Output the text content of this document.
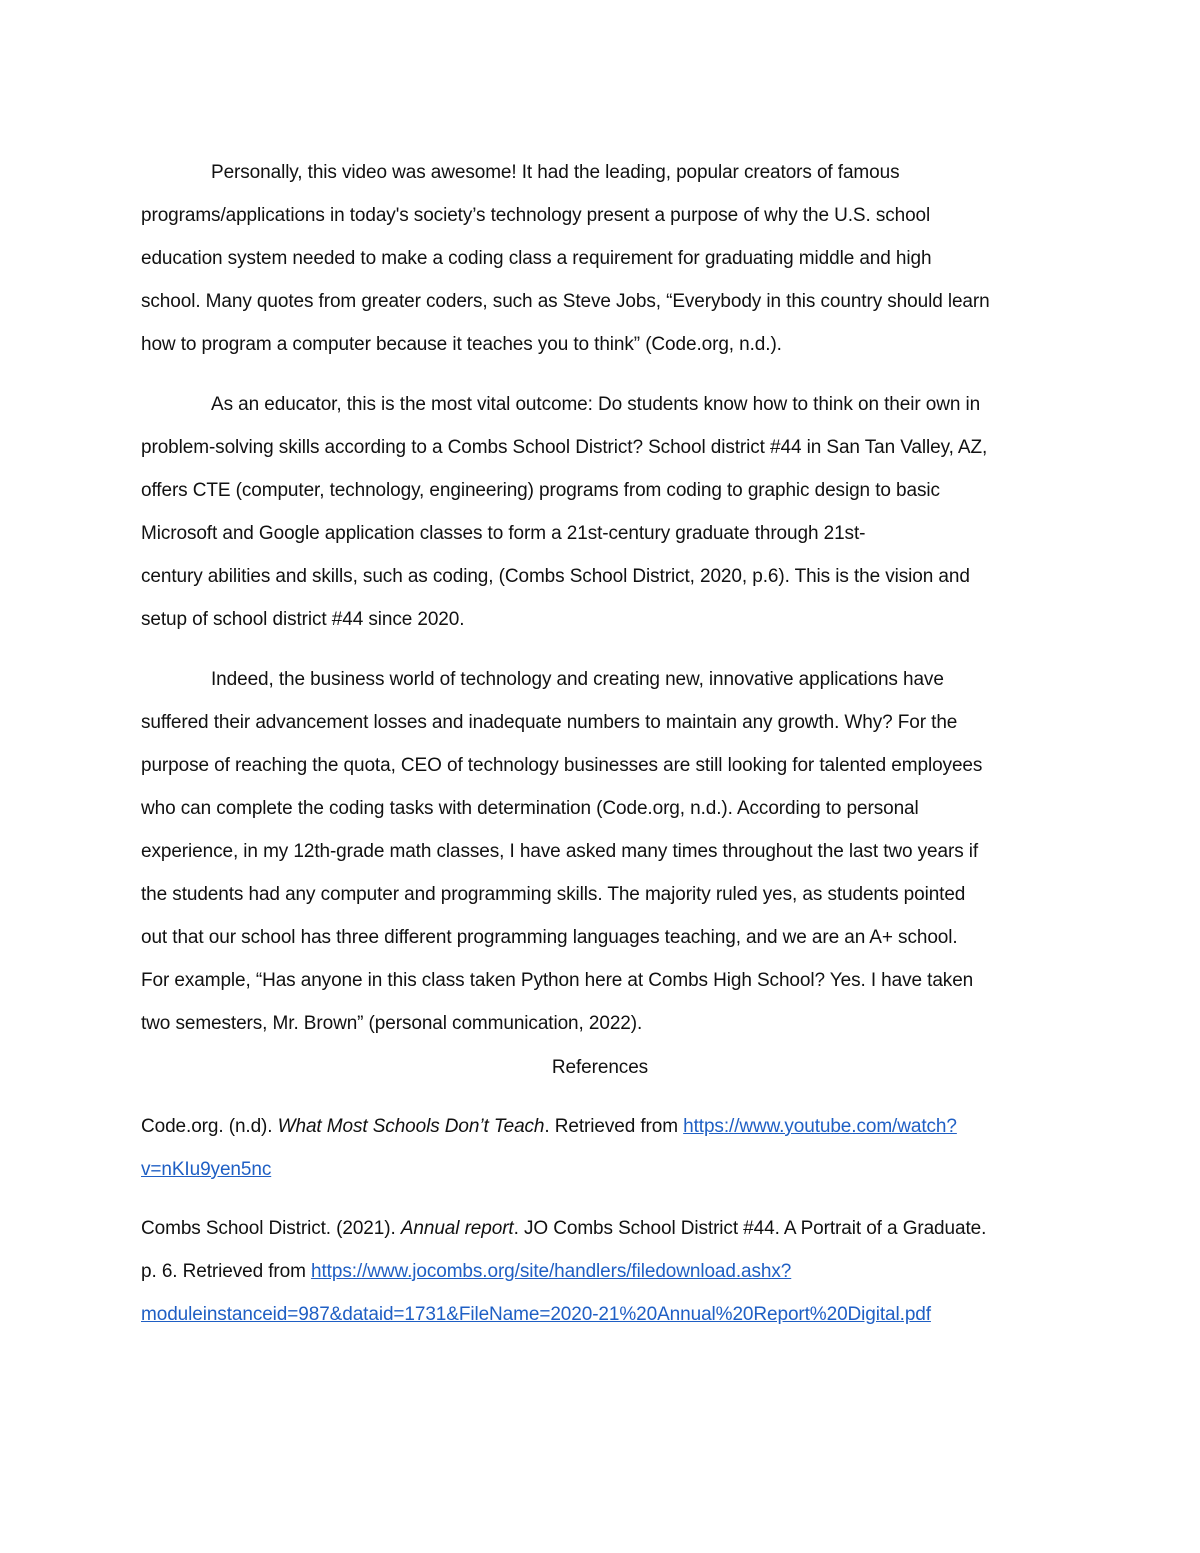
Personally, this video was awesome! It had the leading, popular creators of famous
programs/applications in today's society’s technology present a purpose of why the U.S. school
education system needed to make a coding class a requirement for graduating middle and high
school. Many quotes from greater coders, such as Steve Jobs, “Everybody in this country should learn
how to program a computer because it teaches you to think” (Code.org, n.d.).
As an educator, this is the most vital outcome: Do students know how to think on their own in
problem-solving skills according to a Combs School District? School district #44 in San Tan Valley, AZ,
offers CTE (computer, technology, engineering) programs from coding to graphic design to basic
Microsoft and Google application classes to form a 21st-century graduate through 21st-
century abilities and skills, such as coding, (Combs School District, 2020, p.6). This is the vision and
setup of school district #44 since 2020.
Indeed, the business world of technology and creating new, innovative applications have
suffered their advancement losses and inadequate numbers to maintain any growth. Why? For the
purpose of reaching the quota, CEO of technology businesses are still looking for talented employees
who can complete the coding tasks with determination (Code.org, n.d.). According to personal
experience, in my 12th-grade math classes, I have asked many times throughout the last two years if
the students had any computer and programming skills. The majority ruled yes, as students pointed
out that our school has three different programming languages teaching, and we are an A+ school.
For example, “Has anyone in this class taken Python here at Combs High School? Yes. I have taken
two semesters, Mr. Brown” (personal communication, 2022).
References
Code.org. (n.d). What Most Schools Don’t Teach. Retrieved from https://www.youtube.com/watch?
v=nKIu9yen5nc
Combs School District. (2021). Annual report. JO Combs School District #44. A Portrait of a Graduate.
p. 6. Retrieved from https://www.jocombs.org/site/handlers/filedownload.ashx?
moduleinstanceid=987&dataid=1731&FileName=2020-21%20Annual%20Report%20Digital.pdf
